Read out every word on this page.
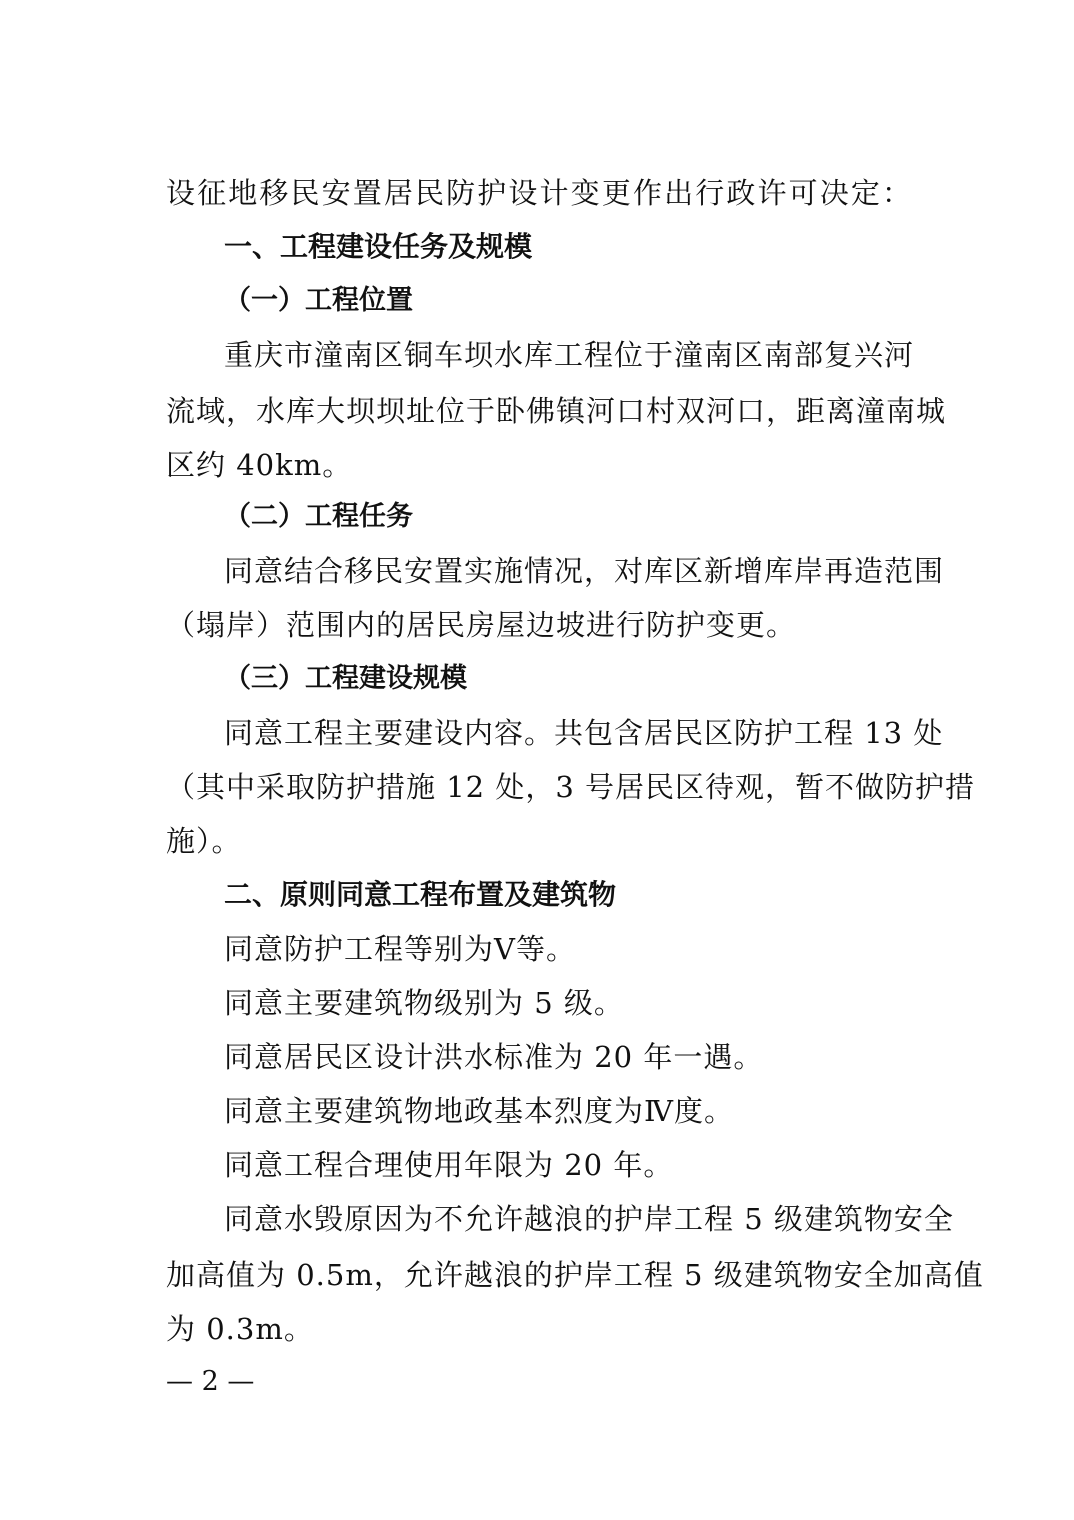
设征地移民安置居民防护设计变更作出行政许可决定：
一、工程建设任务及规模
（一）工程位置
重庆市潼南区铜车坝水库工程位于潼南区南部复兴河
流域，水库大坝坝址位于卧佛镇河口村双河口，距离潼南城
区约 40km。
（二）工程任务
同意结合移民安置实施情况，对库区新增库岸再造范围
（塌岸）范围内的居民房屋边坡进行防护变更。
（三）工程建设规模
同意工程主要建设内容。共包含居民区防护工程 13 处
（其中采取防护措施 12 处，3 号居民区待观，暂不做防护措
施）。
二、原则同意工程布置及建筑物
同意防护工程等别为Ⅴ等。
同意主要建筑物级别为 5 级。
同意居民区设计洪水标准为 20 年一遇。
同意主要建筑物地政基本烈度为Ⅳ度。
同意工程合理使用年限为 20 年。
同意水毁原因为不允许越浪的护岸工程 5 级建筑物安全
加高值为 0.5m，允许越浪的护岸工程 5 级建筑物安全加高值
为 0.3m。
— 2 —
